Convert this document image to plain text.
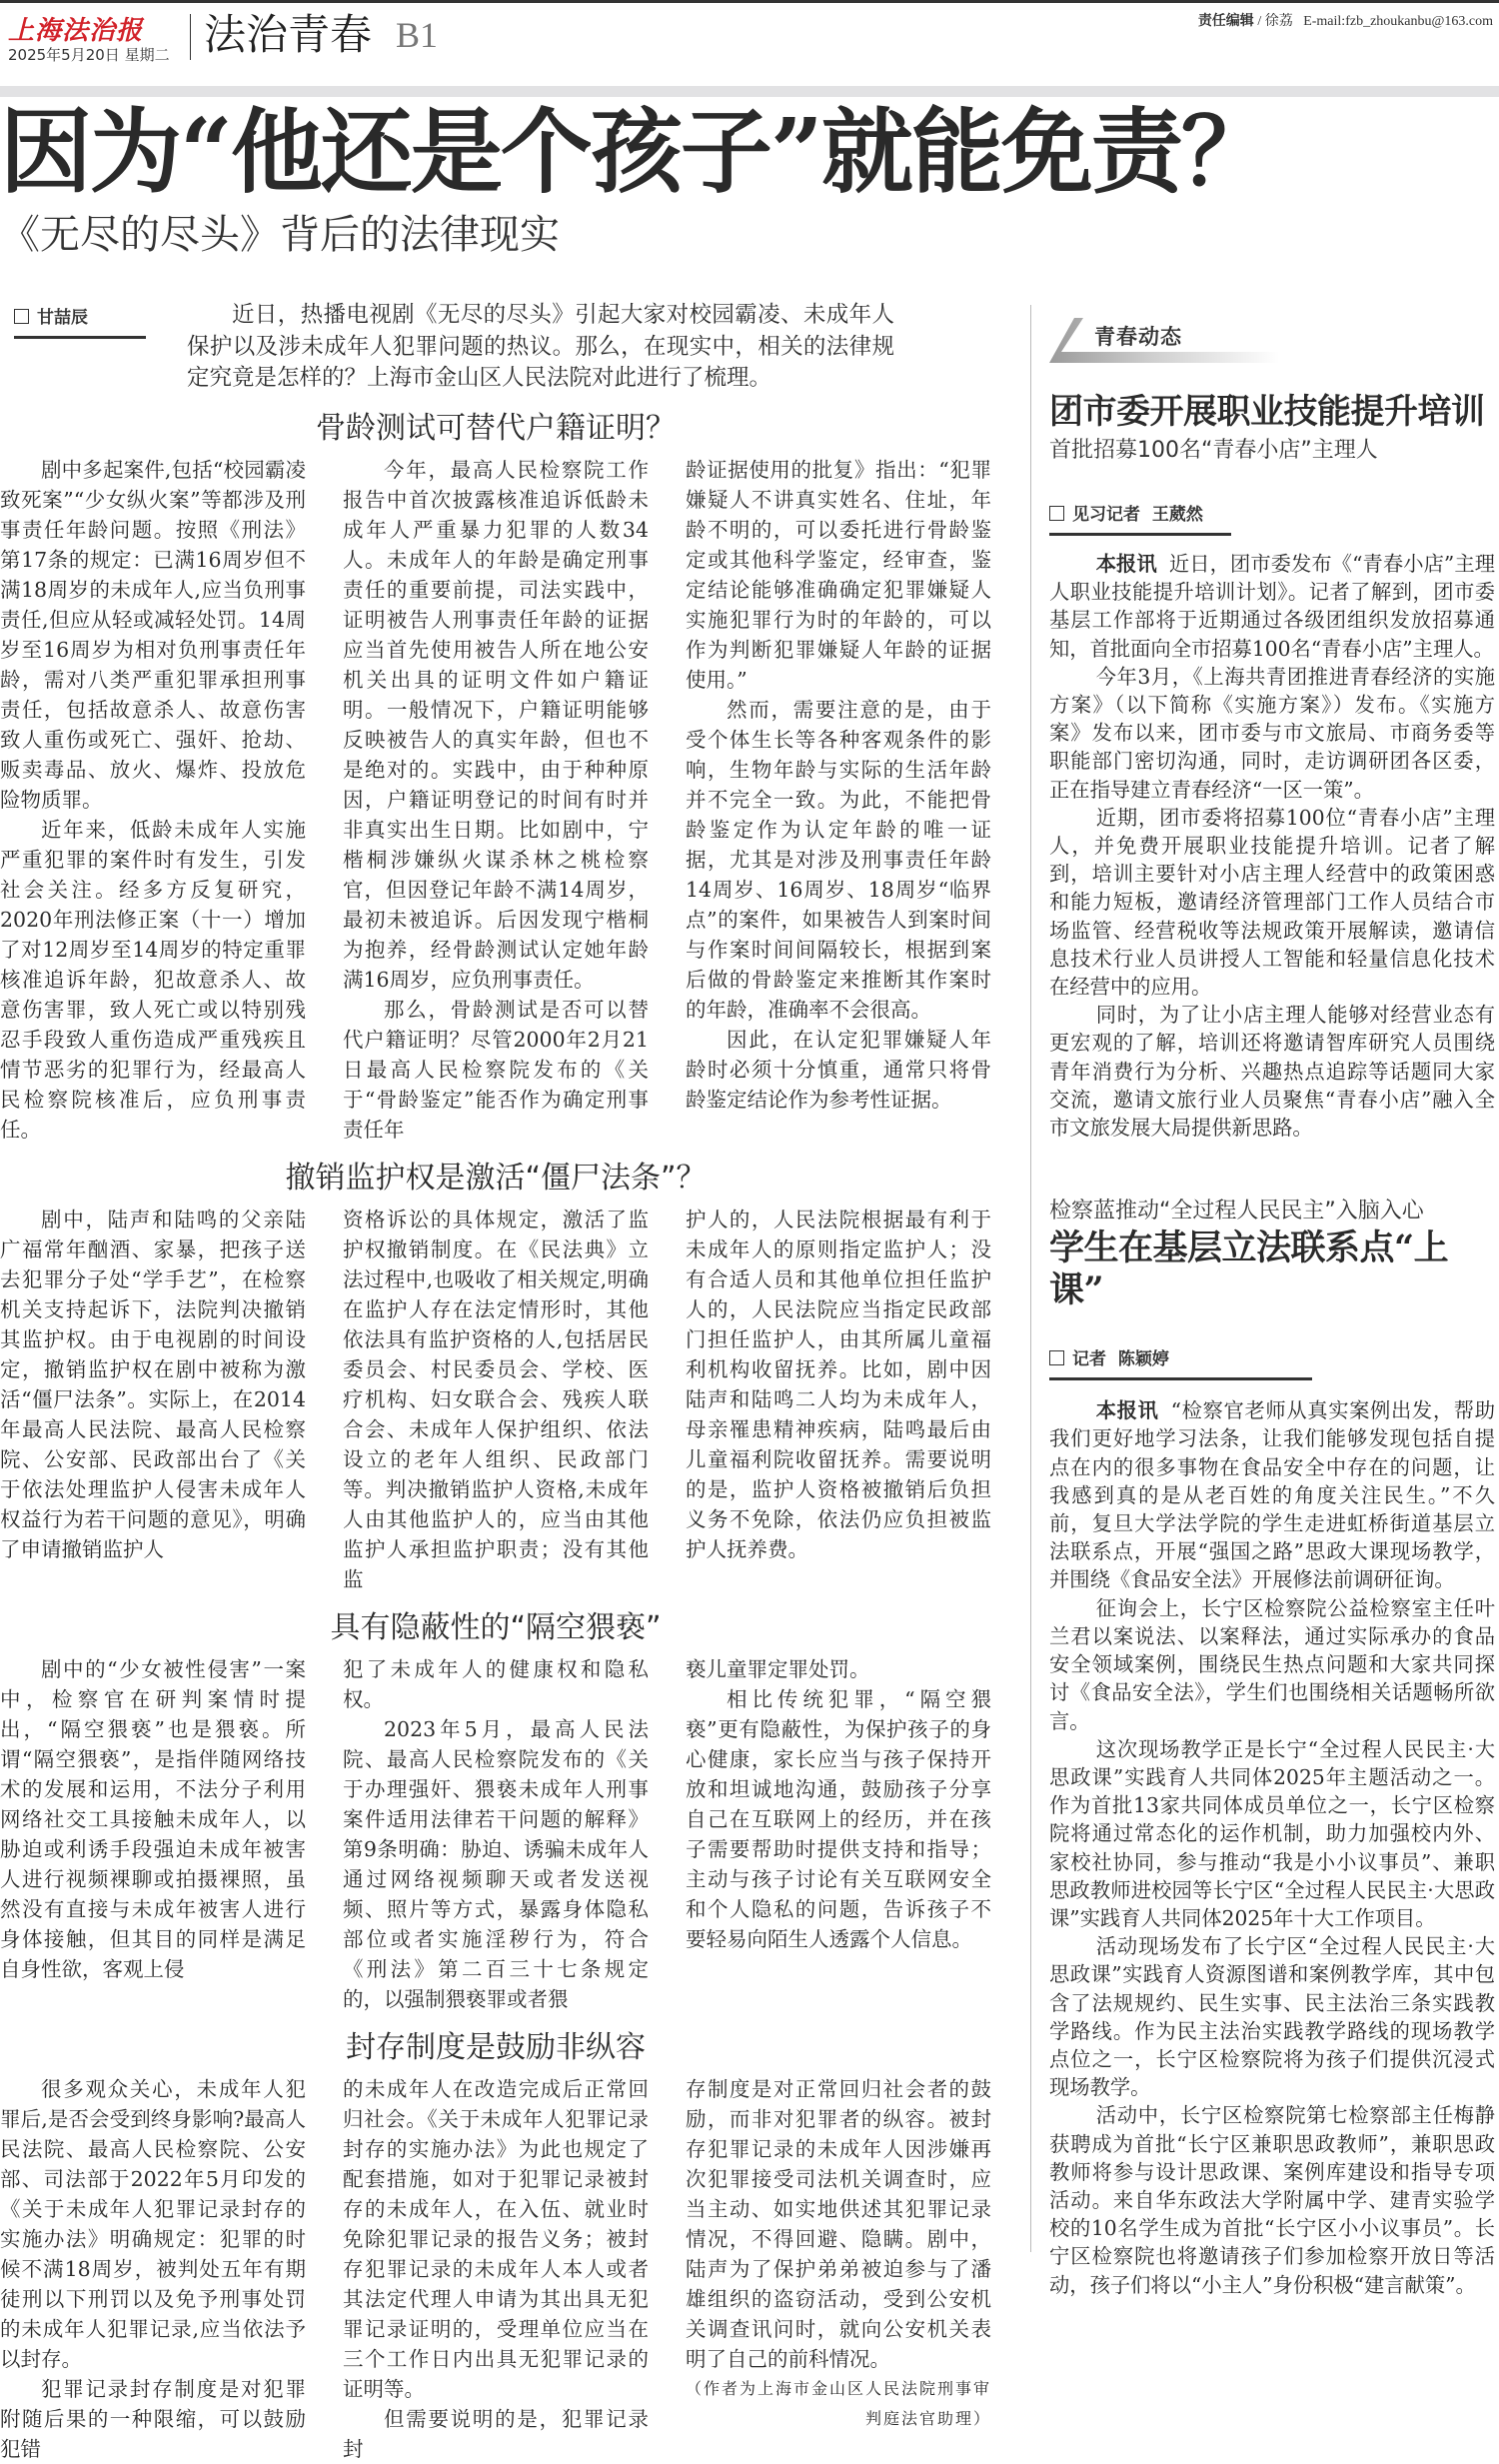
上海法治报
2025年5月20日 星期二 法治青春 B1	责任编辑 / 徐荔 E-mail:fzb_zhoukanbu@163.com
因为“他还是个孩子”就能免责？
《无尽的尽头》背后的法律现实
甘喆辰	近日，热播电视剧《无尽的尽头》引起大家对校园霸凌、未成年人保护以及涉未成年人犯罪问题的热议。那么，在现实中，相关的法律规定究竟是怎样的？上海市金山区人民法院对此进行了梳理。
骨龄测试可替代户籍证明？

剧中多起案件,包括“校园霸凌致死案”“少女纵火案”等都涉及刑事责任年龄问题。按照《刑法》第17条的规定：已满16周岁但不满18周岁的未成年人,应当负刑事责任,但应从轻或减轻处罚。14周岁至16周岁为相对负刑事责任年龄，需对八类严重犯罪承担刑事责任，包括故意杀人、故意伤害致人重伤或死亡、强奸、抢劫、贩卖毒品、放火、爆炸、投放危险物质罪。

近年来，低龄未成年人实施严重犯罪的案件时有发生，引发社会关注。经多方反复研究，2020年刑法修正案（十一）增加了对12周岁至14周岁的特定重罪核准追诉年龄，犯故意杀人、故意伤害罪，致人死亡或以特别残忍手段致人重伤造成严重残疾且情节恶劣的犯罪行为，经最高人民检察院核准后，应负刑事责任。

今年，最高人民检察院工作报告中首次披露核准追诉低龄未成年人严重暴力犯罪的人数34人。未成年人的年龄是确定刑事责任的重要前提，司法实践中，证明被告人刑事责任年龄的证据应当首先使用被告人所在地公安机关出具的证明文件如户籍证明。一般情况下，户籍证明能够反映被告人的真实年龄，但也不是绝对的。实践中，由于种种原因，户籍证明登记的时间有时并非真实出生日期。比如剧中，宁楷桐涉嫌纵火谋杀林之桃检察官，但因登记年龄不满14周岁，最初未被追诉。后因发现宁楷桐为抱养，经骨龄测试认定她年龄满16周岁，应负刑事责任。

那么，骨龄测试是否可以替代户籍证明？尽管2000年2月21日最高人民检察院发布的《关于“骨龄鉴定”能否作为确定刑事责任年

龄证据使用的批复》指出：“犯罪嫌疑人不讲真实姓名、住址，年龄不明的，可以委托进行骨龄鉴定或其他科学鉴定，经审查，鉴定结论能够准确确定犯罪嫌疑人实施犯罪行为时的年龄的，可以作为判断犯罪嫌疑人年龄的证据使用。”

然而，需要注意的是，由于受个体生长等各种客观条件的影响，生物年龄与实际的生活年龄并不完全一致。为此，不能把骨龄鉴定作为认定年龄的唯一证据，尤其是对涉及刑事责任年龄14周岁、16周岁、18周岁“临界点”的案件，如果被告人到案时间与作案时间间隔较长，根据到案后做的骨龄鉴定来推断其作案时的年龄，准确率不会很高。

因此，在认定犯罪嫌疑人年龄时必须十分慎重，通常只将骨龄鉴定结论作为参考性证据。

撤销监护权是激活“僵尸法条”？

剧中，陆声和陆鸣的父亲陆广福常年酗酒、家暴，把孩子送去犯罪分子处“学手艺”，在检察机关支持起诉下，法院判决撤销其监护权。由于电视剧的时间设定，撤销监护权在剧中被称为激活“僵尸法条”。实际上，在2014年最高人民法院、最高人民检察院、公安部、民政部出台了《关于依法处理监护人侵害未成年人权益行为若干问题的意见》，明确了申请撤销监护人

资格诉讼的具体规定，激活了监护权撤销制度。在《民法典》立法过程中,也吸收了相关规定,明确在监护人存在法定情形时，其他依法具有监护资格的人,包括居民委员会、村民委员会、学校、医疗机构、妇女联合会、残疾人联合会、未成年人保护组织、依法设立的老年人组织、民政部门等。判决撤销监护人资格,未成年人由其他监护人的，应当由其他监护人承担监护职责；没有其他监

护人的，人民法院根据最有利于未成年人的原则指定监护人；没有合适人员和其他单位担任监护人的，人民法院应当指定民政部门担任监护人，由其所属儿童福利机构收留抚养。比如，剧中因陆声和陆鸣二人均为未成年人，母亲罹患精神疾病，陆鸣最后由儿童福利院收留抚养。需要说明的是，监护人资格被撤销后负担义务不免除，依法仍应负担被监护人抚养费。

具有隐蔽性的“隔空猥亵”

剧中的“少女被性侵害”一案中，检察官在研判案情时提出，“隔空猥亵”也是猥亵。所谓“隔空猥亵”，是指伴随网络技术的发展和运用，不法分子利用网络社交工具接触未成年人，以胁迫或利诱手段强迫未成年被害人进行视频裸聊或拍摄裸照，虽然没有直接与未成年被害人进行身体接触，但其目的同样是满足自身性欲，客观上侵

犯了未成年人的健康权和隐私权。

2023年5月，最高人民法院、最高人民检察院发布的《关于办理强奸、猥亵未成年人刑事案件适用法律若干问题的解释》第9条明确：胁迫、诱骗未成年人通过网络视频聊天或者发送视频、照片等方式，暴露身体隐私部位或者实施淫秽行为，符合《刑法》第二百三十七条规定的，以强制猥亵罪或者猥

亵儿童罪定罪处罚。

相比传统犯罪，“隔空猥亵”更有隐蔽性，为保护孩子的身心健康，家长应当与孩子保持开放和坦诚地沟通，鼓励孩子分享自己在互联网上的经历，并在孩子需要帮助时提供支持和指导；主动与孩子讨论有关互联网安全和个人隐私的问题，告诉孩子不要轻易向陌生人透露个人信息。

封存制度是鼓励非纵容

很多观众关心，未成年人犯罪后,是否会受到终身影响?最高人民法院、最高人民检察院、公安部、司法部于2022年5月印发的《关于未成年人犯罪记录封存的实施办法》明确规定：犯罪的时候不满18周岁，被判处五年有期徒刑以下刑罚以及免予刑事处罚的未成年人犯罪记录,应当依法予以封存。

犯罪记录封存制度是对犯罪附随后果的一种限缩，可以鼓励犯错

的未成年人在改造完成后正常回归社会。《关于未成年人犯罪记录封存的实施办法》为此也规定了配套措施，如对于犯罪记录被封存的未成年人，在入伍、就业时免除犯罪记录的报告义务；被封存犯罪记录的未成年人本人或者其法定代理人申请为其出具无犯罪记录证明的，受理单位应当在三个工作日内出具无犯罪记录的证明等。

但需要说明的是，犯罪记录封

存制度是对正常回归社会者的鼓励，而非对犯罪者的纵容。被封存犯罪记录的未成年人因涉嫌再次犯罪接受司法机关调查时，应当主动、如实地供述其犯罪记录情况，不得回避、隐瞒。剧中，陆声为了保护弟弟被迫参与了潘雄组织的盗窃活动，受到公安机关调查讯问时，就向公安机关表明了自己的前科情况。

（作者为上海市金山区人民法院刑事审判庭法官助理）

青春动态
团市委开展职业技能提升培训
首批招募100名“青春小店”主理人
见习记者  王葳然

本报讯 近日，团市委发布《“青春小店”主理人职业技能提升培训计划》。记者了解到，团市委基层工作部将于近期通过各级团组织发放招募通知，首批面向全市招募100名“青春小店”主理人。

今年3月，《上海共青团推进青春经济的实施方案》（以下简称《实施方案》）发布。《实施方案》发布以来，团市委与市文旅局、市商务委等职能部门密切沟通，同时，走访调研团各区委，正在指导建立青春经济“一区一策”。

近期，团市委将招募100位“青春小店”主理人，并免费开展职业技能提升培训。记者了解到，培训主要针对小店主理人经营中的政策困惑和能力短板，邀请经济管理部门工作人员结合市场监管、经营税收等法规政策开展解读，邀请信息技术行业人员讲授人工智能和轻量信息化技术在经营中的应用。

同时，为了让小店主理人能够对经营业态有更宏观的了解，培训还将邀请智库研究人员围绕青年消费行为分析、兴趣热点追踪等话题同大家交流，邀请文旅行业人员聚焦“青春小店”融入全市文旅发展大局提供新思路。

检察蓝推动“全过程人民民主”入脑入心
学生在基层立法联系点“上课”
记者  陈颖婷

本报讯 “检察官老师从真实案例出发，帮助我们更好地学习法条，让我们能够发现包括自提点在内的很多事物在食品安全中存在的问题，让我感到真的是从老百姓的角度关注民生。”不久前，复旦大学法学院的学生走进虹桥街道基层立法联系点，开展“强国之路”思政大课现场教学，并围绕《食品安全法》开展修法前调研征询。

征询会上，长宁区检察院公益检察室主任叶兰君以案说法、以案释法，通过实际承办的食品安全领域案例，围绕民生热点问题和大家共同探讨《食品安全法》，学生们也围绕相关话题畅所欲言。

这次现场教学正是长宁“全过程人民民主·大思政课”实践育人共同体2025年主题活动之一。作为首批13家共同体成员单位之一，长宁区检察院将通过常态化的运作机制，助力加强校内外、家校社协同，参与推动“我是小小议事员”、兼职思政教师进校园等长宁区“全过程人民民主·大思政课”实践育人共同体2025年十大工作项目。

活动现场发布了长宁区“全过程人民民主·大思政课”实践育人资源图谱和案例教学库，其中包含了法规规约、民生实事、民主法治三条实践教学路线。作为民主法治实践教学路线的现场教学点位之一，长宁区检察院将为孩子们提供沉浸式现场教学。

活动中，长宁区检察院第七检察部主任梅静获聘成为首批“长宁区兼职思政教师”，兼职思政教师将参与设计思政课、案例库建设和指导专项活动。来自华东政法大学附属中学、建青实验学校的10名学生成为首批“长宁区小小议事员”。长宁区检察院也将邀请孩子们参加检察开放日等活动，孩子们将以“小主人”身份积极“建言献策”。
